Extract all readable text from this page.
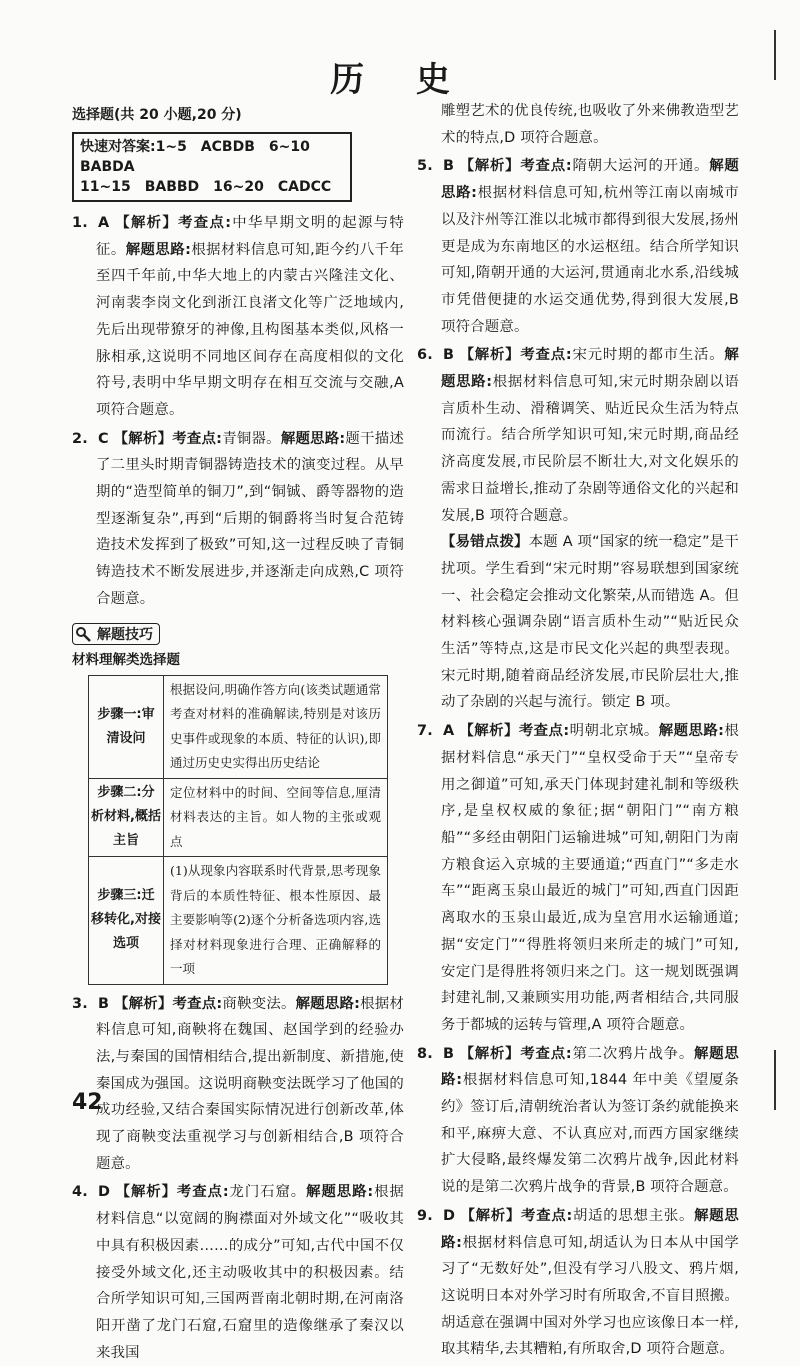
历 史
选择题(共 20 小题,20 分)
快速对答案:1~5　ACBDB　6~10　BABDA
11~15　BABBD　16~20　CADCC

1. A 【解析】考查点:中华早期文明的起源与特征。解题思路:根据材料信息可知,距今约八千年至四千年前,中华大地上的内蒙古兴隆洼文化、河南裴李岗文化到浙江良渚文化等广泛地域内,先后出现带獠牙的神像,且构图基本类似,风格一脉相承,这说明不同地区间存在高度相似的文化符号,表明中华早期文明存在相互交流与交融,A 项符合题意。

2. C 【解析】考查点:青铜器。解题思路:题干描述了二里头时期青铜器铸造技术的演变过程。从早期的“造型简单的铜刀”,到“铜铖、爵等器物的造型逐渐复杂”,再到“后期的铜爵将当时复合范铸造技术发挥到了极致”可知,这一过程反映了青铜铸造技术不断发展进步,并逐渐走向成熟,C 项符合题意。

解题技巧
材料理解类选择题
步骤一:审清设问	根据设问,明确作答方向(该类试题通常考查对材料的准确解读,特别是对该历史事件或现象的本质、特征的认识),即通过历史史实得出历史结论
步骤二:分析材料,概括主旨	定位材料中的时间、空间等信息,厘清材料表达的主旨。如人物的主张或观点
步骤三:迁移转化,对接选项	(1)从现象内容联系时代背景,思考现象背后的本质性特征、根本性原因、最主要影响等(2)逐个分析备选项内容,选择对材料现象进行合理、正确解释的一项

3. B 【解析】考查点:商鞅变法。解题思路:根据材料信息可知,商鞅将在魏国、赵国学到的经验办法,与秦国的国情相结合,提出新制度、新措施,使秦国成为强国。这说明商鞅变法既学习了他国的成功经验,又结合秦国实际情况进行创新改革,体现了商鞅变法重视学习与创新相结合,B 项符合题意。

4. D 【解析】考查点:龙门石窟。解题思路:根据材料信息“以宽阔的胸襟面对外域文化”“吸收其中具有积极因素……的成分”可知,古代中国不仅接受外域文化,还主动吸收其中的积极因素。结合所学知识可知,三国两晋南北朝时期,在河南洛阳开凿了龙门石窟,石窟里的造像继承了秦汉以来我国

雕塑艺术的优良传统,也吸收了外来佛教造型艺术的特点,D 项符合题意。

5. B 【解析】考查点:隋朝大运河的开通。解题思路:根据材料信息可知,杭州等江南以南城市以及汴州等江淮以北城市都得到很大发展,扬州更是成为东南地区的水运枢纽。结合所学知识可知,隋朝开通的大运河,贯通南北水系,沿线城市凭借便捷的水运交通优势,得到很大发展,B 项符合题意。

6. B 【解析】考查点:宋元时期的都市生活。解题思路:根据材料信息可知,宋元时期杂剧以语言质朴生动、滑稽调笑、贴近民众生活为特点而流行。结合所学知识可知,宋元时期,商品经济高度发展,市民阶层不断壮大,对文化娱乐的需求日益增长,推动了杂剧等通俗文化的兴起和发展,B 项符合题意。

【易错点拨】本题 A 项“国家的统一稳定”是干扰项。学生看到“宋元时期”容易联想到国家统一、社会稳定会推动文化繁荣,从而错选 A。但材料核心强调杂剧“语言质朴生动”“贴近民众生活”等特点,这是市民文化兴起的典型表现。宋元时期,随着商品经济发展,市民阶层壮大,推动了杂剧的兴起与流行。锁定 B 项。

7. A 【解析】考查点:明朝北京城。解题思路:根据材料信息“承天门”“皇权受命于天”“皇帝专用之御道”可知,承天门体现封建礼制和等级秩序,是皇权权威的象征;据“朝阳门”“南方粮船”“多经由朝阳门运输进城”可知,朝阳门为南方粮食运入京城的主要通道;“西直门”“多走水车”“距离玉泉山最近的城门”可知,西直门因距离取水的玉泉山最近,成为皇宫用水运输通道;据“安定门”“得胜将领归来所走的城门”可知,安定门是得胜将领归来之门。这一规划既强调封建礼制,又兼顾实用功能,两者相结合,共同服务于都城的运转与管理,A 项符合题意。

8. B 【解析】考查点:第二次鸦片战争。解题思路:根据材料信息可知,1844 年中美《望厦条约》签订后,清朝统治者认为签订条约就能换来和平,麻痹大意、不认真应对,而西方国家继续扩大侵略,最终爆发第二次鸦片战争,因此材料说的是第二次鸦片战争的背景,B 项符合题意。

9. D 【解析】考查点:胡适的思想主张。解题思路:根据材料信息可知,胡适认为日本从中国学习了“无数好处”,但没有学习八股文、鸦片烟,这说明日本对外学习时有所取舍,不盲目照搬。胡适意在强调中国对外学习也应该像日本一样,取其精华,去其糟粕,有所取舍,D 项符合题意。

42
